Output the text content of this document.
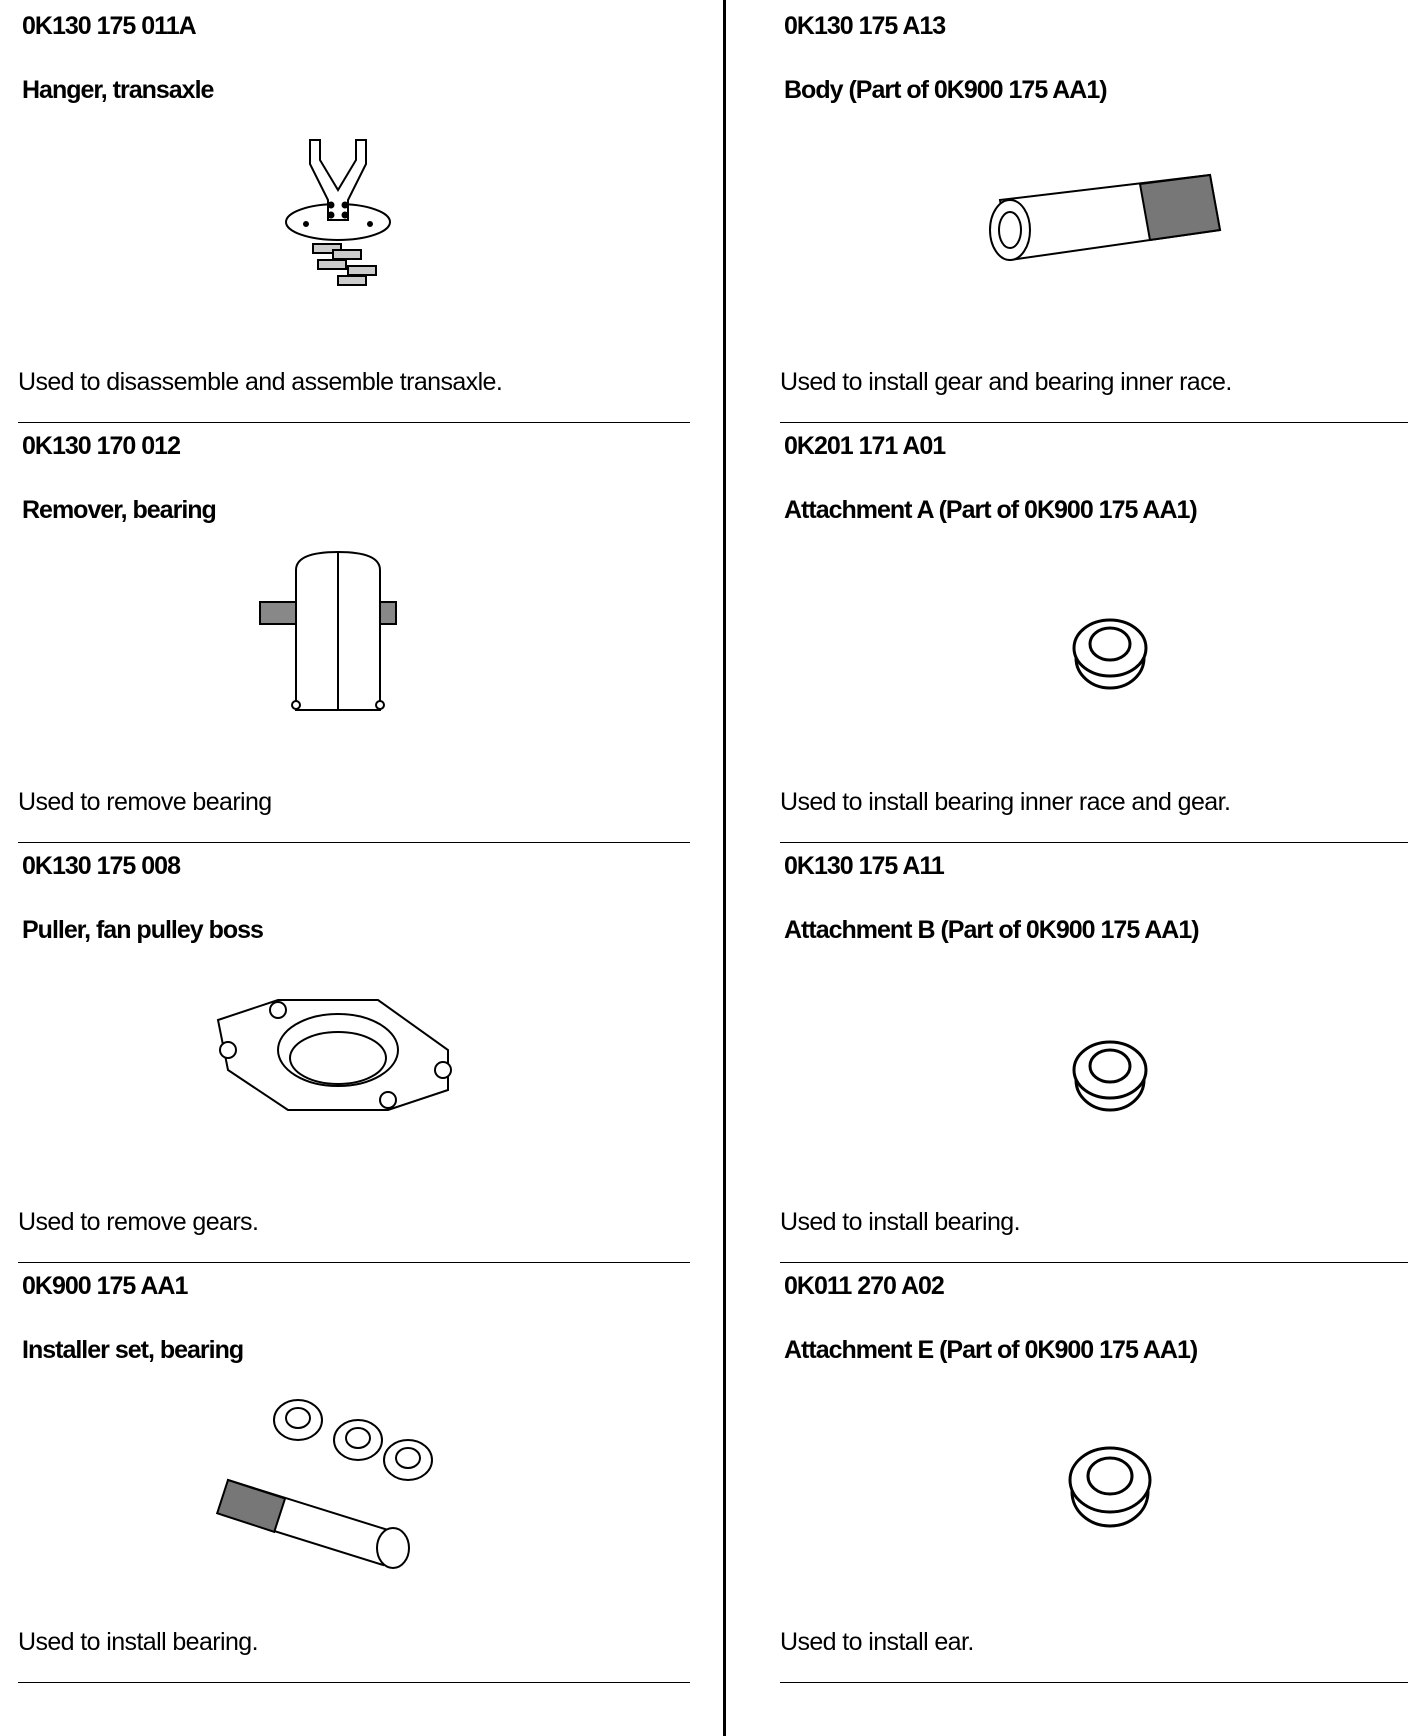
0K130 175 011A
Hanger, transaxle
Used to disassemble and assemble transaxle.
0K130 170 012
Remover, bearing
Used to remove bearing
0K130 175 008
Puller, fan pulley boss
Used to remove gears.
0K900 175 AA1
Installer set, bearing
Used to install bearing.
0K130 175 A13
Body (Part of 0K900 175 AA1)
Used to install gear and bearing inner race.
0K201 171 A01
Attachment A (Part of 0K900 175 AA1)
Used to install bearing inner race and gear.
0K130 175 A11
Attachment B (Part of 0K900 175 AA1)
Used to install bearing.
0K011 270 A02
Attachment E (Part of 0K900 175 AA1)
Used to install ear.
